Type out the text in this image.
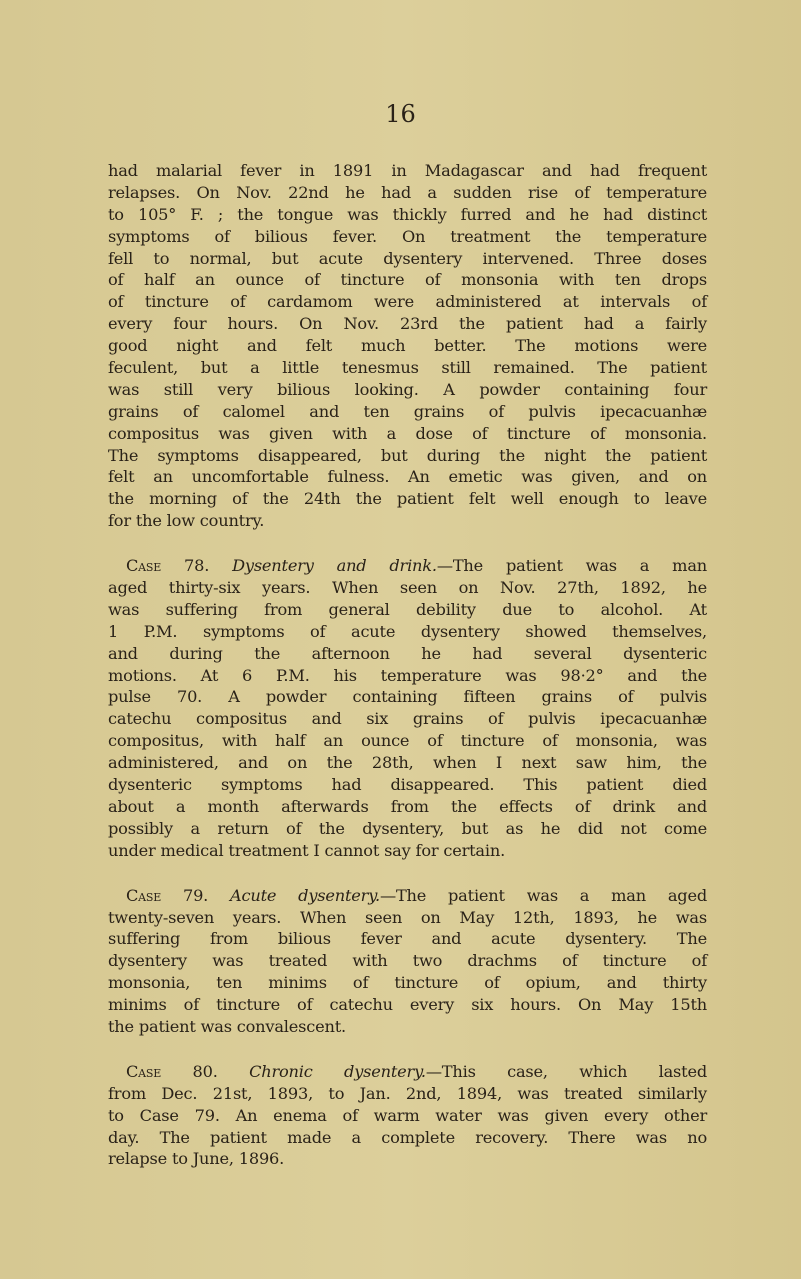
16
had malarial fever in 1891 in Madagascar and had frequent
relapses. On Nov. 22nd he had a sudden rise of temperature
to 105° F. ; the tongue was thickly furred and he had distinct
symptoms of bilious fever. On treatment the temperature
fell to normal, but acute dysentery intervened. Three doses
of half an ounce of tincture of monsonia with ten drops
of tincture of cardamom were administered at intervals of
every four hours. On Nov. 23rd the patient had a fairly
good night and felt much better. The motions were
feculent, but a little tenesmus still remained. The patient
was still very bilious looking. A powder containing four
grains of calomel and ten grains of pulvis ipecacuanhæ
compositus was given with a dose of tincture of monsonia.
The symptoms disappeared, but during the night the patient
felt an uncomfortable fulness. An emetic was given, and on
the morning of the 24th the patient felt well enough to leave
for the low country.
Case 78. Dysentery and drink.—The patient was a man
aged thirty-six years. When seen on Nov. 27th, 1892, he
was suffering from general debility due to alcohol. At
1 P.M. symptoms of acute dysentery showed themselves,
and during the afternoon he had several dysenteric
motions. At 6 P.M. his temperature was 98·2° and the
pulse 70. A powder containing fifteen grains of pulvis
catechu compositus and six grains of pulvis ipecacuanhæ
compositus, with half an ounce of tincture of monsonia, was
administered, and on the 28th, when I next saw him, the
dysenteric symptoms had disappeared. This patient died
about a month afterwards from the effects of drink and
possibly a return of the dysentery, but as he did not come
under medical treatment I cannot say for certain.
Case 79. Acute dysentery.—The patient was a man aged
twenty-seven years. When seen on May 12th, 1893, he was
suffering from bilious fever and acute dysentery. The
dysentery was treated with two drachms of tincture of
monsonia, ten minims of tincture of opium, and thirty
minims of tincture of catechu every six hours. On May 15th
the patient was convalescent.
Case 80. Chronic dysentery.—This case, which lasted
from Dec. 21st, 1893, to Jan. 2nd, 1894, was treated similarly
to Case 79. An enema of warm water was given every other
day. The patient made a complete recovery. There was no
relapse to June, 1896.
